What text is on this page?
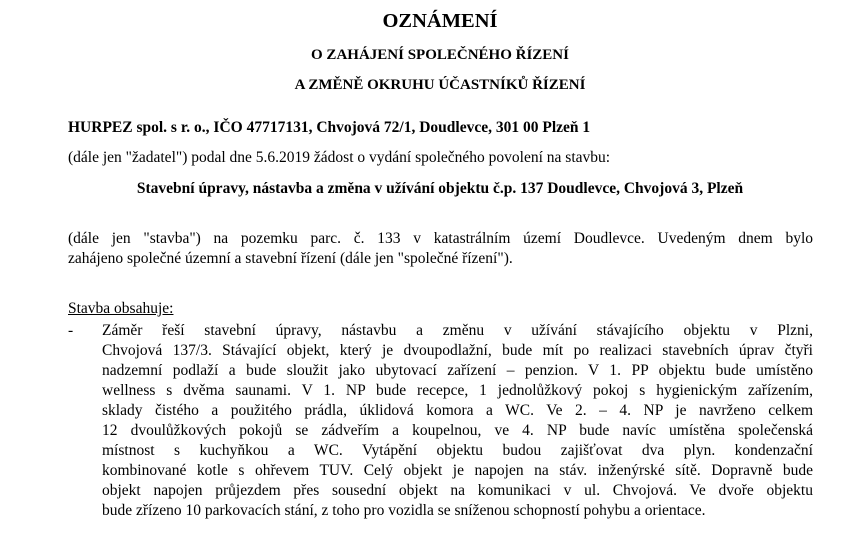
OZNÁMENÍ
O ZAHÁJENÍ SPOLEČNÉHO ŘÍZENÍ
A ZMĚNĚ OKRUHU ÚČASTNÍKŮ ŘÍZENÍ
HURPEZ spol. s r. o., IČO 47717131, Chvojová 72/1, Doudlevce, 301 00 Plzeň 1
(dále jen "žadatel") podal dne 5.6.2019 žádost o vydání společného povolení na stavbu:
Stavební úpravy, nástavba a změna v užívání objektu č.p. 137 Doudlevce, Chvojová 3, Plzeň
(dále jen "stavba") na pozemku parc. č. 133 v katastrálním území Doudlevce. Uvedeným dnem bylo
zahájeno společné územní a stavební řízení (dále jen "společné řízení").
Stavba obsahuje:
- Záměr řeší stavební úpravy, nástavbu a změnu v užívání stávajícího objektu v Plzni,
Chvojová 137/3. Stávající objekt, který je dvoupodlažní, bude mít po realizaci stavebních úprav čtyři
nadzemní podlaží a bude sloužit jako ubytovací zařízení – penzion. V 1. PP objektu bude umístěno
wellness s dvěma saunami. V 1. NP bude recepce, 1 jednolůžkový pokoj s hygienickým zařízením,
sklady čistého a použitého prádla, úklidová komora a WC. Ve 2. – 4. NP je navrženo celkem
12 dvoulůžkových pokojů se zádveřím a koupelnou, ve 4. NP bude navíc umístěna společenská
místnost s kuchyňkou a WC. Vytápění objektu budou zajišťovat dva plyn. kondenzační
kombinované kotle s ohřevem TUV. Celý objekt je napojen na stáv. inženýrské sítě. Dopravně bude
objekt napojen průjezdem přes sousední objekt na komunikaci v ul. Chvojová. Ve dvoře objektu
bude zřízeno 10 parkovacích stání, z toho pro vozidla se sníženou schopností pohybu a orientace.
